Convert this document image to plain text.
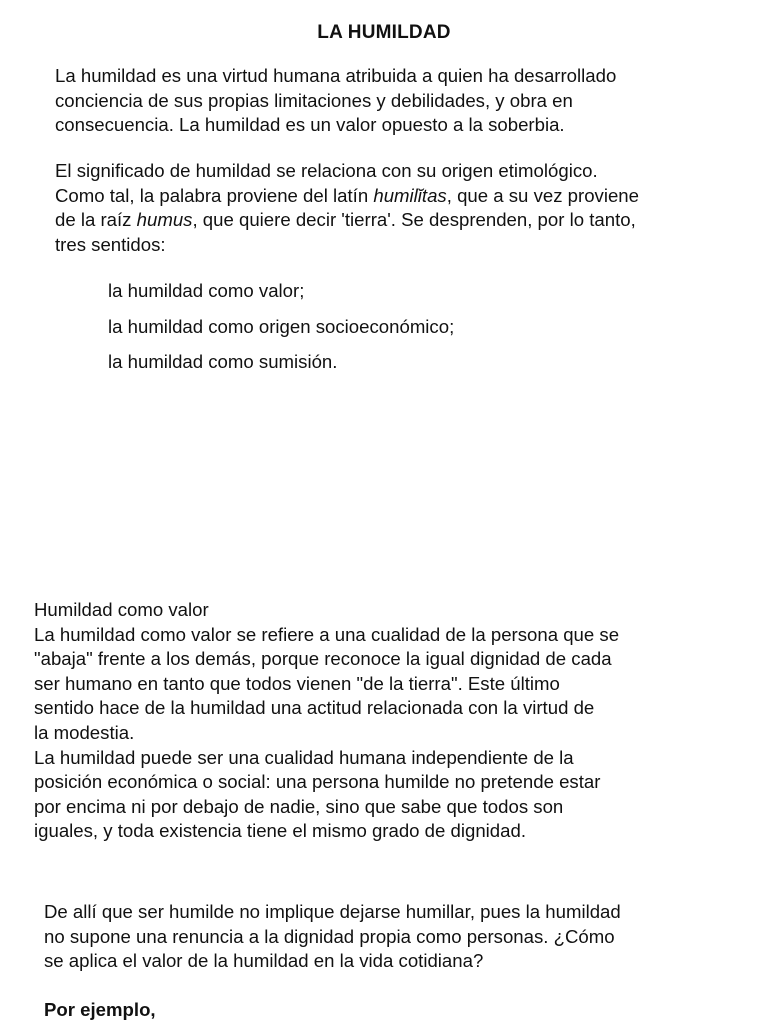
LA HUMILDAD

La humildad es una virtud humana atribuida a quien ha desarrollado
conciencia de sus propias limitaciones y debilidades, y obra en
consecuencia. La humildad es un valor opuesto a la soberbia.

El significado de humildad se relaciona con su origen etimológico.
Como tal, la palabra proviene del latín humilĭtas, que a su vez proviene
de la raíz humus, que quiere decir 'tierra'. Se desprenden, por lo tanto,
tres sentidos:

la humildad como valor;
la humildad como origen socioeconómico;
la humildad como sumisión.

Humildad como valor
La humildad como valor se refiere a una cualidad de la persona que se
"abaja" frente a los demás, porque reconoce la igual dignidad de cada
ser humano en tanto que todos vienen "de la tierra". Este último
sentido hace de la humildad una actitud relacionada con la virtud de
la modestia.
La humildad puede ser una cualidad humana independiente de la
posición económica o social: una persona humilde no pretende estar
por encima ni por debajo de nadie, sino que sabe que todos son
iguales, y toda existencia tiene el mismo grado de dignidad.

De allí que ser humilde no implique dejarse humillar, pues la humildad
no supone una renuncia a la dignidad propia como personas. ¿Cómo
se aplica el valor de la humildad en la vida cotidiana?

Por ejemplo,
